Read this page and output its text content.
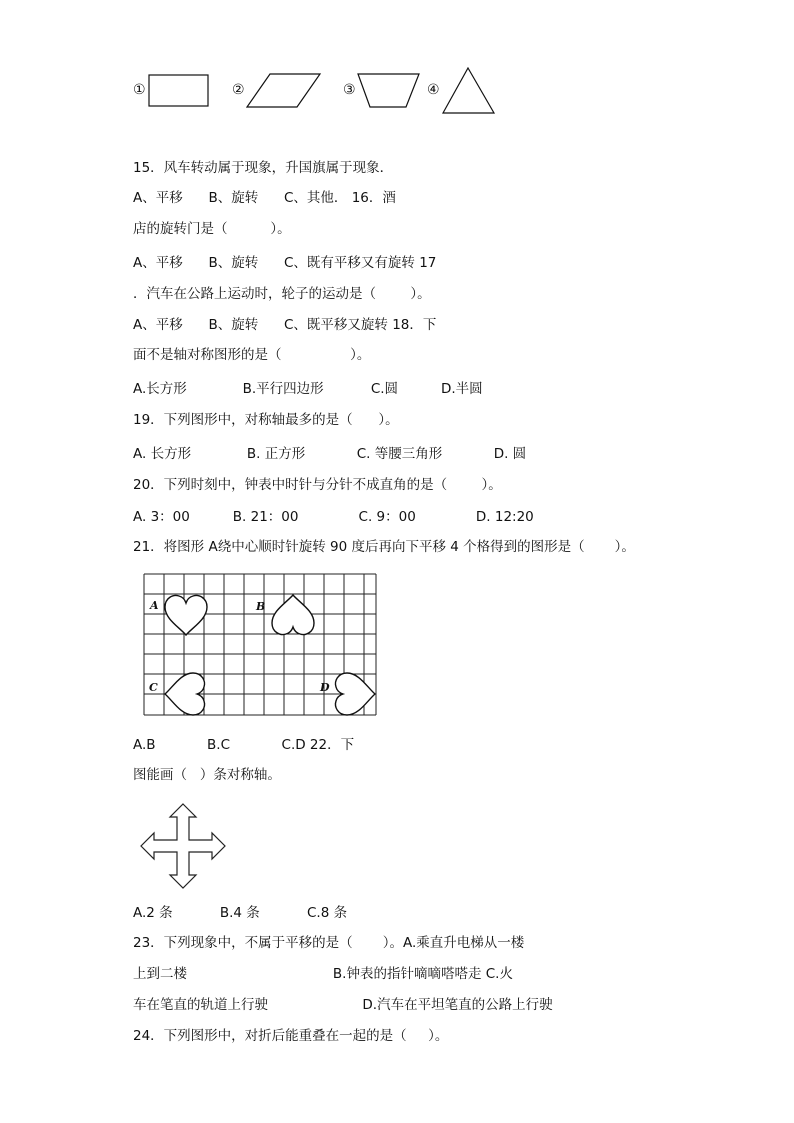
①	②	③	④
15．风车转动属于现象，升国旗属于现象．
A、平移      B、旋转      C、其他． 16．酒
店的旋转门是（          ）。
A、平移      B、旋转      C、既有平移又有旋转 17
．汽车在公路上运动时，轮子的运动是（        ）。
A、平移      B、旋转      C、既平移又旋转 18．下
面不是轴对称图形的是（                ）。
A.长方形             B.平行四边形           C.圆          D.半圆
19．下列图形中，对称轴最多的是（      ）。
A. 长方形             B. 正方形            C. 等腰三角形            D. 圆
20．下列时刻中，钟表中时针与分针不成直角的是（        ）。
A. 3：00          B. 21：00              C. 9：00              D. 12:20
21．将图形 A绕中心顺时针旋转 90 度后再向下平移 4 个格得到的图形是（       ）。
A	B
C	D
A.B            B.C            C.D 22．下
图能画（   ）条对称轴。
A.2 条           B.4 条           C.8 条
23．下列现象中，不属于平移的是（       ）。A.乘直升电梯从一楼
上到二楼                                  B.钟表的指针嘀嘀嗒嗒走 C.火
车在笔直的轨道上行驶                      D.汽车在平坦笔直的公路上行驶
24．下列图形中，对折后能重叠在一起的是（     ）。
